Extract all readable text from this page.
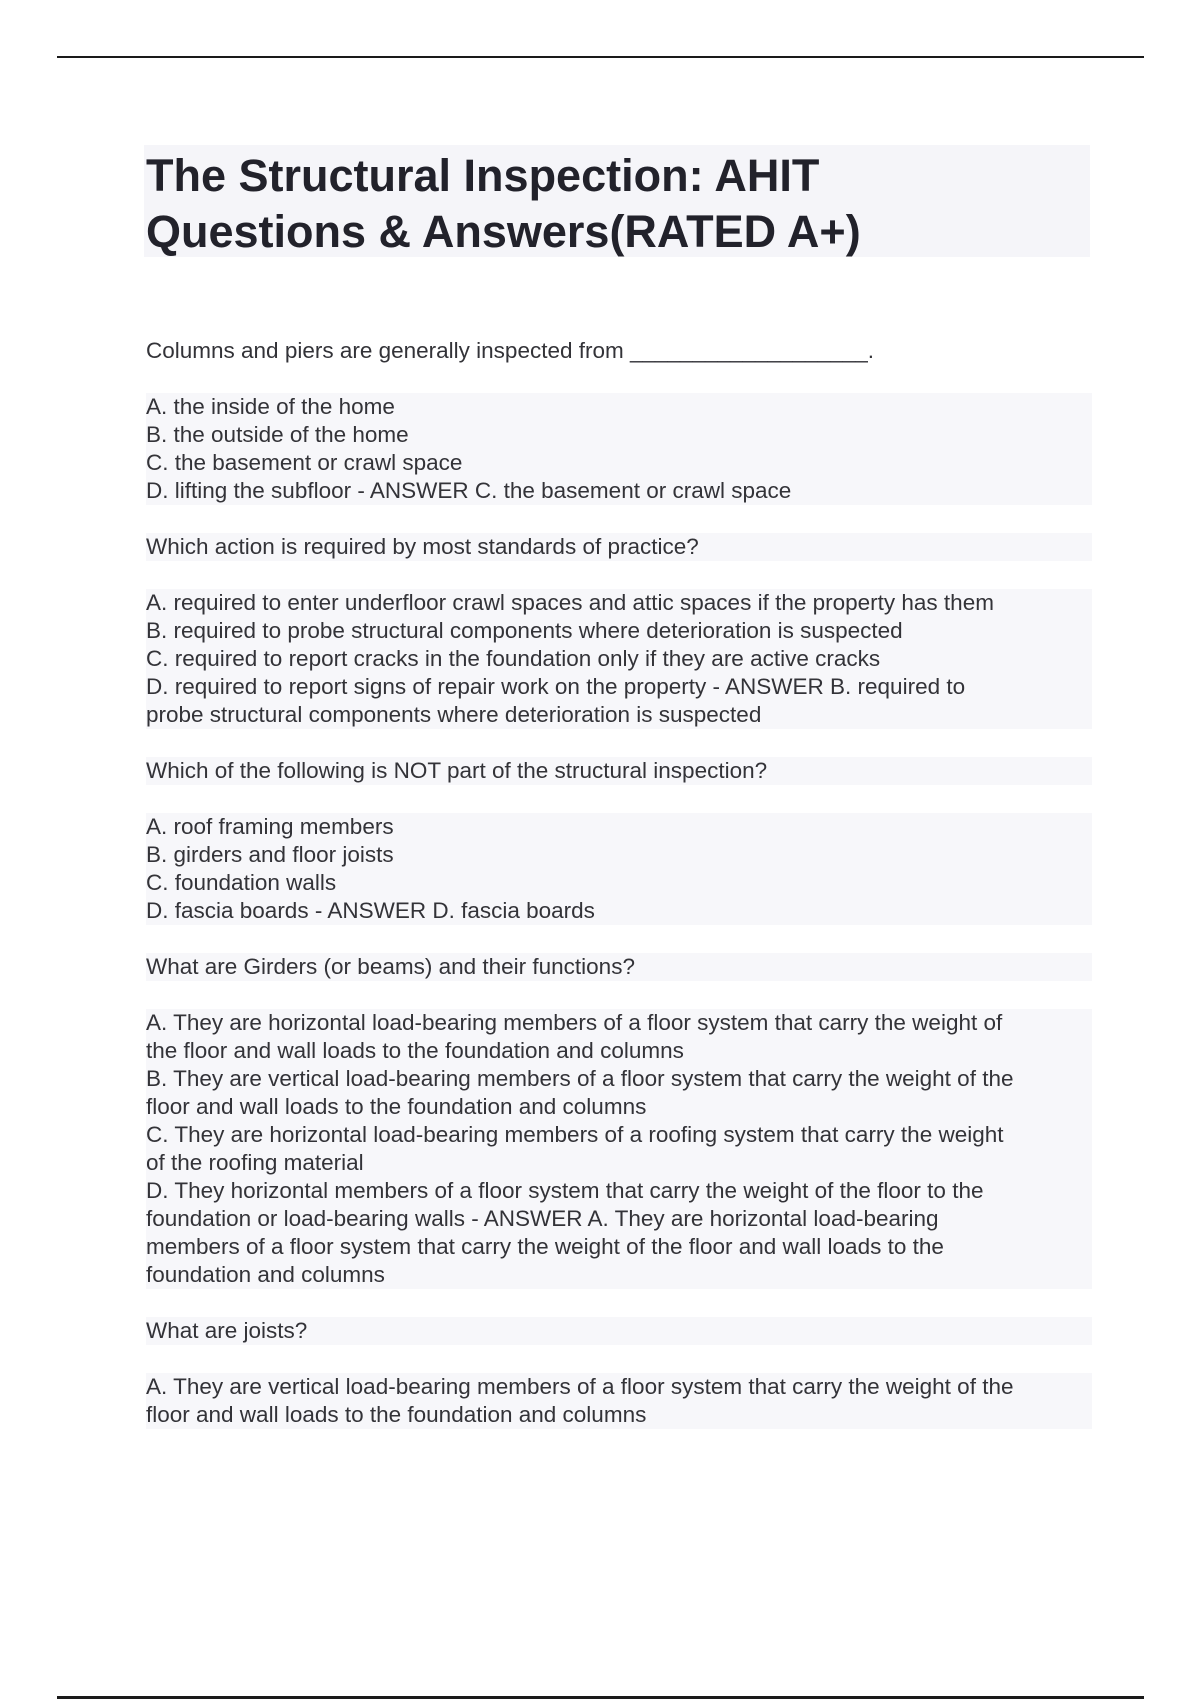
The Structural Inspection: AHIT
Questions & Answers(RATED A+)
Columns and piers are generally inspected from ___________________.
A. the inside of the home
B. the outside of the home
C. the basement or crawl space
D. lifting the subfloor - ANSWER C. the basement or crawl space
Which action is required by most standards of practice?
A. required to enter underfloor crawl spaces and attic spaces if the property has them
B. required to probe structural components where deterioration is suspected
C. required to report cracks in the foundation only if they are active cracks
D. required to report signs of repair work on the property - ANSWER B. required to
probe structural components where deterioration is suspected
Which of the following is NOT part of the structural inspection?
A. roof framing members
B. girders and floor joists
C. foundation walls
D. fascia boards - ANSWER D. fascia boards
What are Girders (or beams) and their functions?
A. They are horizontal load-bearing members of a floor system that carry the weight of
the floor and wall loads to the foundation and columns
B. They are vertical load-bearing members of a floor system that carry the weight of the
floor and wall loads to the foundation and columns
C. They are horizontal load-bearing members of a roofing system that carry the weight
of the roofing material
D. They horizontal members of a floor system that carry the weight of the floor to the
foundation or load-bearing walls - ANSWER A. They are horizontal load-bearing
members of a floor system that carry the weight of the floor and wall loads to the
foundation and columns
What are joists?
A. They are vertical load-bearing members of a floor system that carry the weight of the
floor and wall loads to the foundation and columns
